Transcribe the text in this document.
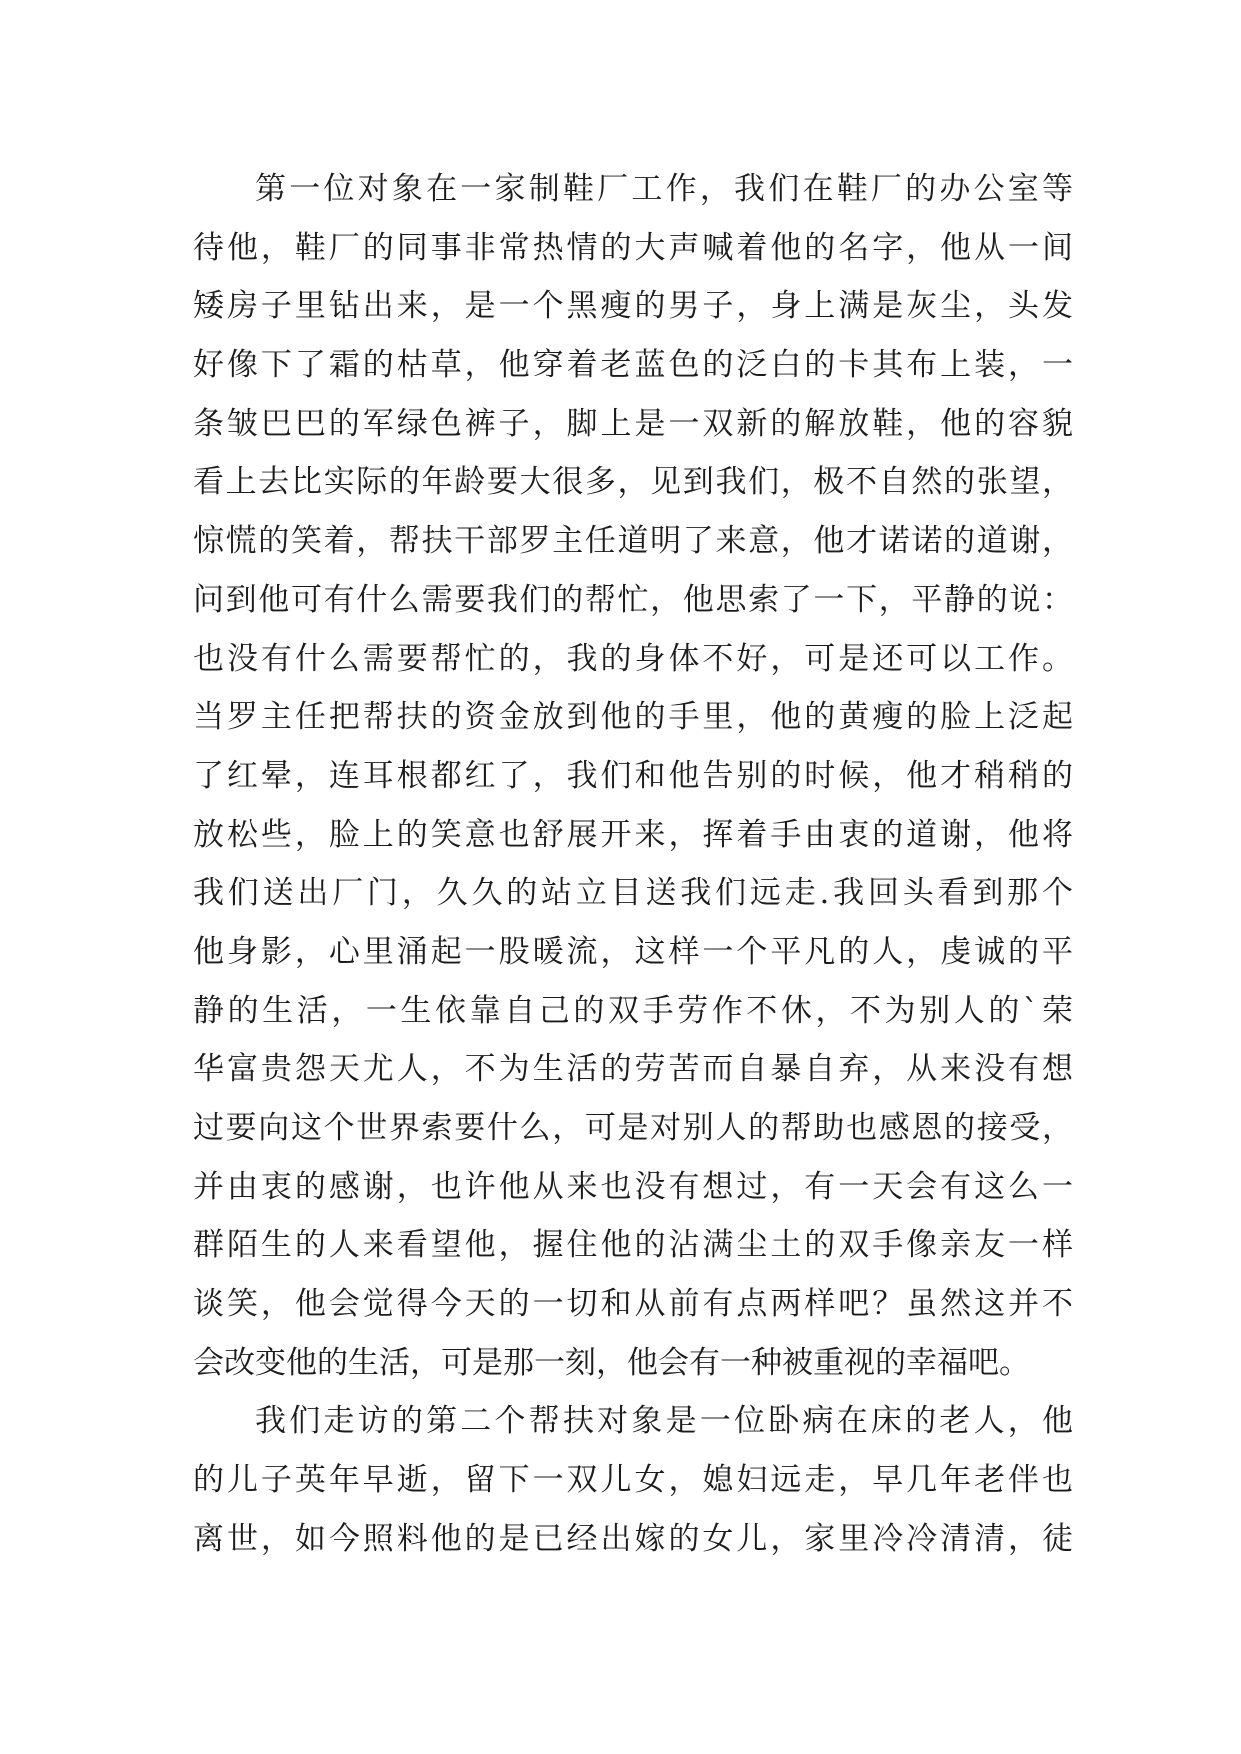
第一位对象在一家制鞋厂工作，我们在鞋厂的办公室等
待他，鞋厂的同事非常热情的大声喊着他的名字，他从一间
矮房子里钻出来，是一个黑瘦的男子，身上满是灰尘，头发
好像下了霜的枯草，他穿着老蓝色的泛白的卡其布上装，一
条皱巴巴的军绿色裤子，脚上是一双新的解放鞋，他的容貌
看上去比实际的年龄要大很多，见到我们，极不自然的张望，
惊慌的笑着，帮扶干部罗主任道明了来意，他才诺诺的道谢，
问到他可有什么需要我们的帮忙，他思索了一下，平静的说：
也没有什么需要帮忙的，我的身体不好，可是还可以工作。
当罗主任把帮扶的资金放到他的手里，他的黄瘦的脸上泛起
了红晕，连耳根都红了，我们和他告别的时候，他才稍稍的
放松些，脸上的笑意也舒展开来，挥着手由衷的道谢，他将
我们送出厂门，久久的站立目送我们远走.我回头看到那个
他身影，心里涌起一股暖流，这样一个平凡的人，虔诚的平
静的生活，一生依靠自己的双手劳作不休，不为别人的`荣
华富贵怨天尤人，不为生活的劳苦而自暴自弃，从来没有想
过要向这个世界索要什么，可是对别人的帮助也感恩的接受，
并由衷的感谢，也许他从来也没有想过，有一天会有这么一
群陌生的人来看望他，握住他的沾满尘土的双手像亲友一样
谈笑，他会觉得今天的一切和从前有点两样吧？虽然这并不
会改变他的生活，可是那一刻，他会有一种被重视的幸福吧。
我们走访的第二个帮扶对象是一位卧病在床的老人，他
的儿子英年早逝，留下一双儿女，媳妇远走，早几年老伴也
离世，如今照料他的是已经出嫁的女儿，家里冷冷清清，徒
